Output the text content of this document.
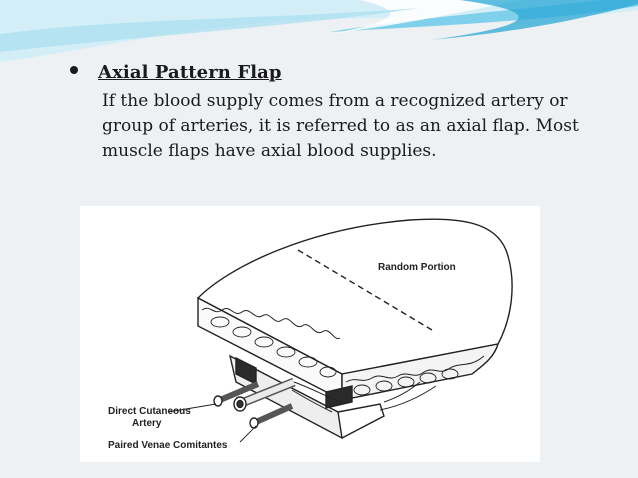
Axial Pattern Flap

If the blood supply comes from a recognized artery or group of arteries, it is referred to as an axial flap. Most muscle flaps have axial blood supplies.

Random Portion
Direct Cutaneous
Artery
Paired Venae Comitantes
